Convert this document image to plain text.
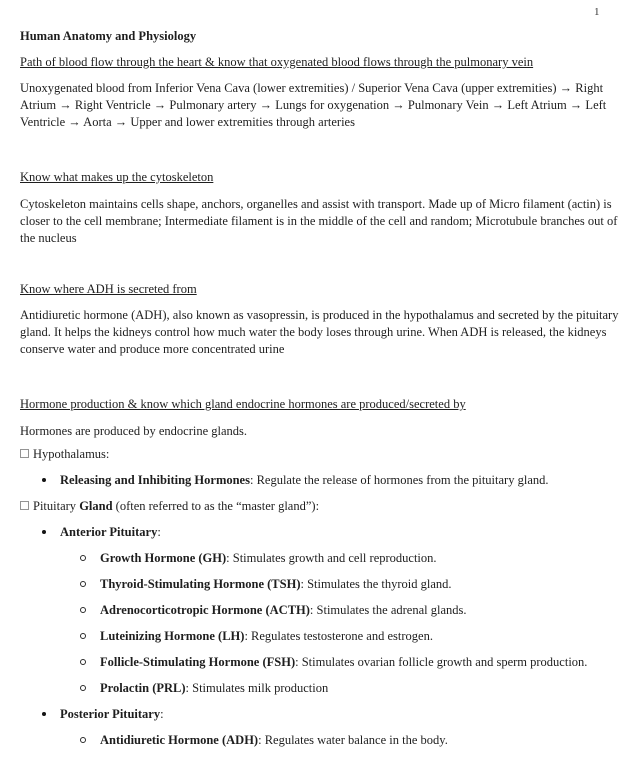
1

Human Anatomy and Physiology

Path of blood flow through the heart & know that oxygenated blood flows through the pulmonary vein

Unoxygenated blood from Inferior Vena Cava (lower extremities) / Superior Vena Cava (upper extremities) → Right Atrium → Right Ventricle → Pulmonary artery → Lungs for oxygenation → Pulmonary Vein → Left Atrium → Left Ventricle → Aorta → Upper and lower extremities through arteries

Know what makes up the cytoskeleton

Cytoskeleton maintains cells shape, anchors, organelles and assist with transport. Made up of Micro filament (actin) is closer to the cell membrane; Intermediate filament is in the middle of the cell and random; Microtubule branches out of the nucleus

Know where ADH is secreted from

Antidiuretic hormone (ADH), also known as vasopressin, is produced in the hypothalamus and secreted by the pituitary gland. It helps the kidneys control how much water the body loses through urine. When ADH is released, the kidneys conserve water and produce more concentrated urine

Hormone production & know which gland endocrine hormones are produced/secreted by

Hormones are produced by endocrine glands.

Hypothalamus:
Releasing and Inhibiting Hormones: Regulate the release of hormones from the pituitary gland.
Pituitary Gland (often referred to as the “master gland”):
Anterior Pituitary:
Growth Hormone (GH): Stimulates growth and cell reproduction.
Thyroid-Stimulating Hormone (TSH): Stimulates the thyroid gland.
Adrenocorticotropic Hormone (ACTH): Stimulates the adrenal glands.
Luteinizing Hormone (LH): Regulates testosterone and estrogen.
Follicle-Stimulating Hormone (FSH): Stimulates ovarian follicle growth and sperm production.
Prolactin (PRL): Stimulates milk production
Posterior Pituitary:
Antidiuretic Hormone (ADH): Regulates water balance in the body.
